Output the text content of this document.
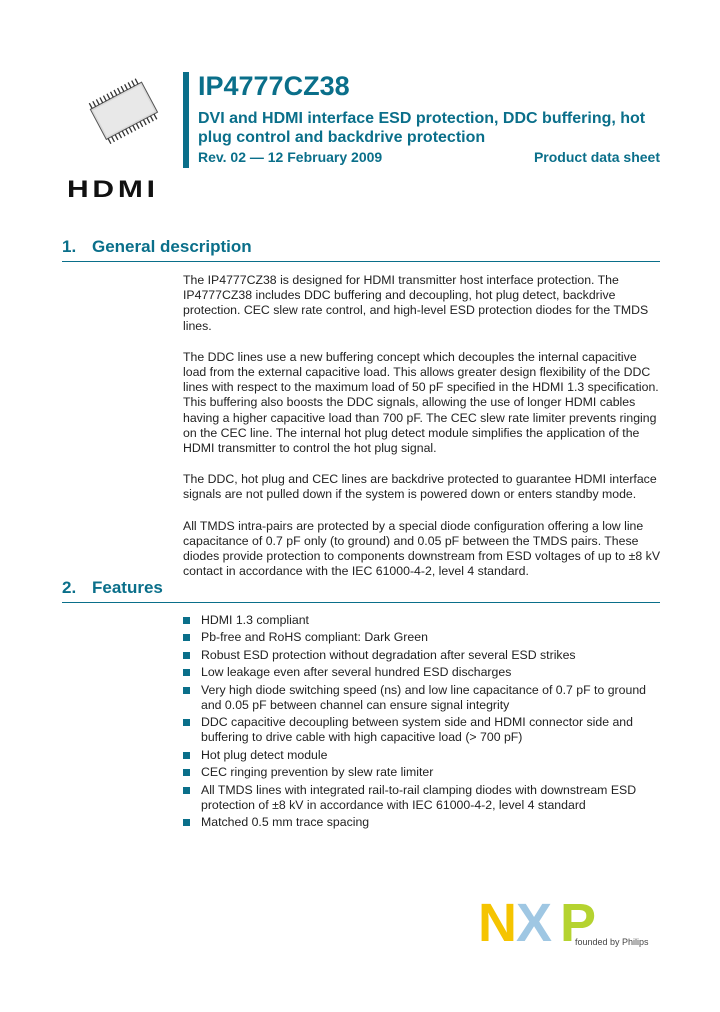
HDMI
IP4777CZ38
DVI and HDMI interface ESD protection, DDC buffering, hot plug control and backdrive protection
Rev. 02 — 12 February 2009	Product data sheet
1. General description

The IP4777CZ38 is designed for HDMI transmitter host interface protection. The IP4777CZ38 includes DDC buffering and decoupling, hot plug detect, backdrive protection. CEC slew rate control, and high-level ESD protection diodes for the TMDS lines.

The DDC lines use a new buffering concept which decouples the internal capacitive load from the external capacitive load. This allows greater design flexibility of the DDC lines with respect to the maximum load of 50 pF specified in the HDMI 1.3 specification. This buffering also boosts the DDC signals, allowing the use of longer HDMI cables having a higher capacitive load than 700 pF. The CEC slew rate limiter prevents ringing on the CEC line. The internal hot plug detect module simplifies the application of the HDMI transmitter to control the hot plug signal.

The DDC, hot plug and CEC lines are backdrive protected to guarantee HDMI interface signals are not pulled down if the system is powered down or enters standby mode.

All TMDS intra-pairs are protected by a special diode configuration offering a low line capacitance of 0.7 pF only (to ground) and 0.05 pF between the TMDS pairs. These diodes provide protection to components downstream from ESD voltages of up to ±8 kV contact in accordance with the IEC 61000-4-2, level 4 standard.

2. Features
HDMI 1.3 compliant
Pb-free and RoHS compliant: Dark Green
Robust ESD protection without degradation after several ESD strikes
Low leakage even after several hundred ESD discharges
Very high diode switching speed (ns) and low line capacitance of 0.7 pF to ground and 0.05 pF between channel can ensure signal integrity
DDC capacitive decoupling between system side and HDMI connector side and buffering to drive cable with high capacitive load (> 700 pF)
Hot plug detect module
CEC ringing prevention by slew rate limiter
All TMDS lines with integrated rail-to-rail clamping diodes with downstream ESD protection of ±8 kV in accordance with IEC 61000-4-2, level 4 standard
Matched 0.5 mm trace spacing
N X P
founded by Philips
